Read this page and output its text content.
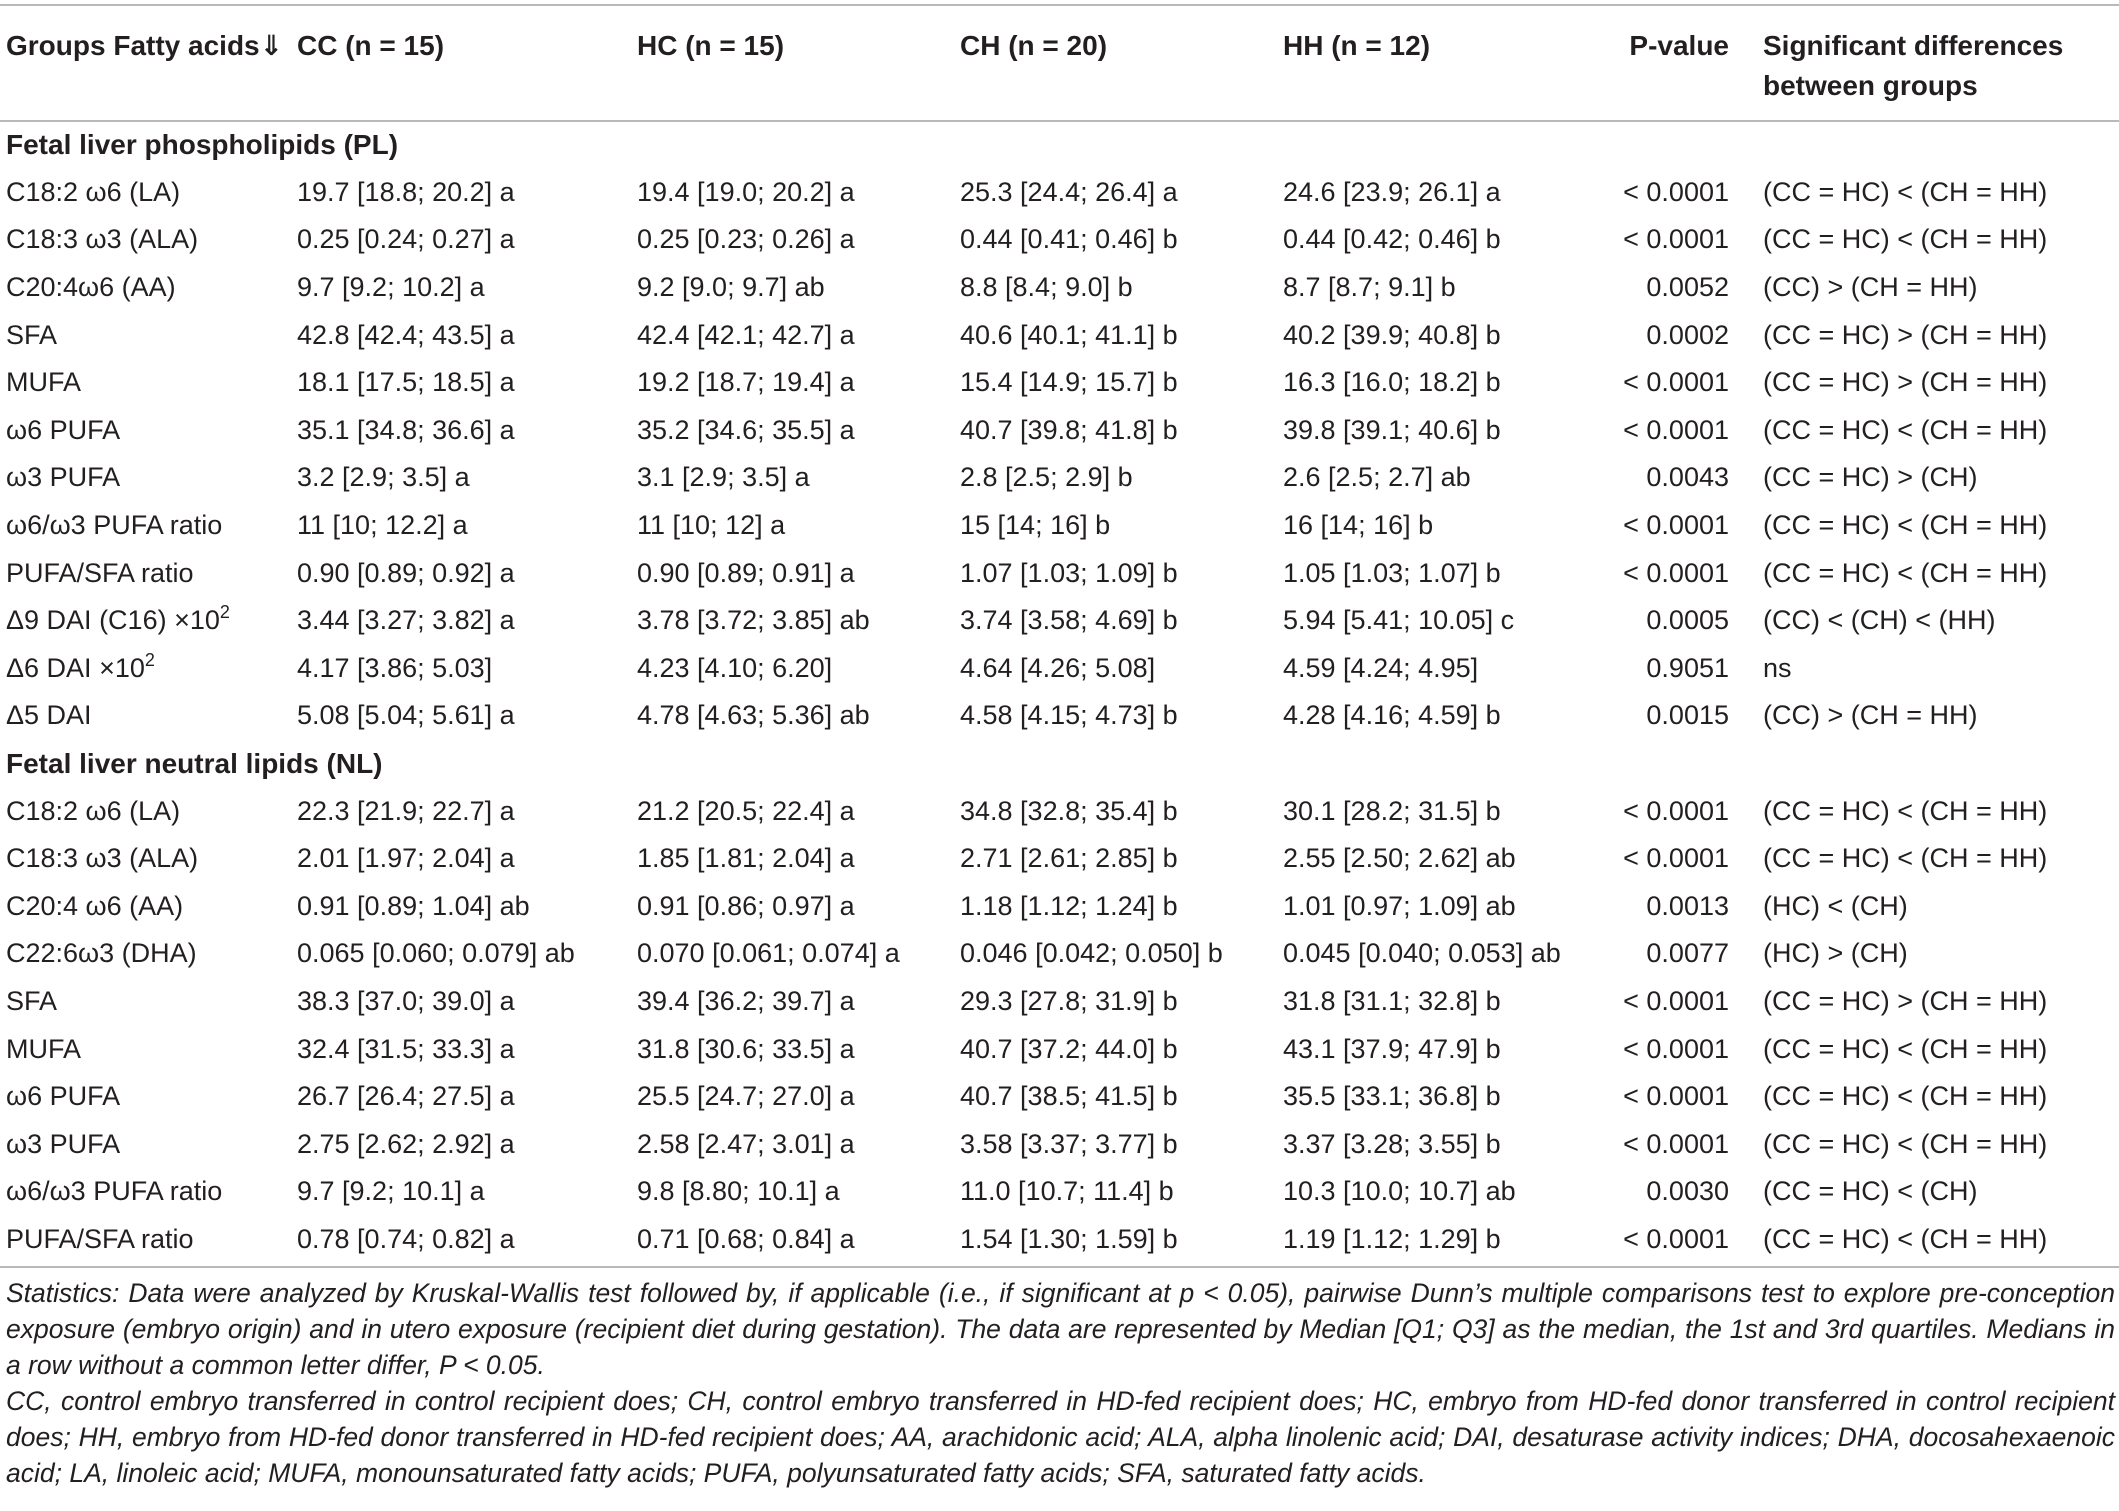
Groups Fatty acids⇓	CC (n = 15)	HC (n = 15)	CH (n = 20)	HH (n = 12)	P-value	Significant differences between groups
Fetal liver phospholipids (PL)						
C18:2 ω6 (LA)	19.7 [18.8; 20.2] a	19.4 [19.0; 20.2] a	25.3 [24.4; 26.4] a	24.6 [23.9; 26.1] a	< 0.0001	(CC = HC) < (CH = HH)
C18:3 ω3 (ALA)	0.25 [0.24; 0.27] a	0.25 [0.23; 0.26] a	0.44 [0.41; 0.46] b	0.44 [0.42; 0.46] b	< 0.0001	(CC = HC) < (CH = HH)
C20:4ω6 (AA)	9.7 [9.2; 10.2] a	9.2 [9.0; 9.7] ab	8.8 [8.4; 9.0] b	8.7 [8.7; 9.1] b	0.0052	(CC) > (CH = HH)
SFA	42.8 [42.4; 43.5] a	42.4 [42.1; 42.7] a	40.6 [40.1; 41.1] b	40.2 [39.9; 40.8] b	0.0002	(CC = HC) > (CH = HH)
MUFA	18.1 [17.5; 18.5] a	19.2 [18.7; 19.4] a	15.4 [14.9; 15.7] b	16.3 [16.0; 18.2] b	< 0.0001	(CC = HC) > (CH = HH)
ω6 PUFA	35.1 [34.8; 36.6] a	35.2 [34.6; 35.5] a	40.7 [39.8; 41.8] b	39.8 [39.1; 40.6] b	< 0.0001	(CC = HC) < (CH = HH)
ω3 PUFA	3.2 [2.9; 3.5] a	3.1 [2.9; 3.5] a	2.8 [2.5; 2.9] b	2.6 [2.5; 2.7] ab	0.0043	(CC = HC) > (CH)
ω6/ω3 PUFA ratio	11 [10; 12.2] a	11 [10; 12] a	15 [14; 16] b	16 [14; 16] b	< 0.0001	(CC = HC) < (CH = HH)
PUFA/SFA ratio	0.90 [0.89; 0.92] a	0.90 [0.89; 0.91] a	1.07 [1.03; 1.09] b	1.05 [1.03; 1.07] b	< 0.0001	(CC = HC) < (CH = HH)
Δ9 DAI $(C16) \times 10^2$	3.44 [3.27; 3.82] a	3.78 [3.72; 3.85] ab	3.74 [3.58; 4.69] b	5.94 [5.41; 10.05] c	0.0005	(CC) < (CH) < (HH)
Δ6 DAI $\times 10^2$	4.17 [3.86; 5.03]	4.23 [4.10; 6.20]	4.64 [4.26; 5.08]	4.59 [4.24; 4.95]	0.9051	ns
Δ5 DAI	5.08 [5.04; 5.61] a	4.78 [4.63; 5.36] ab	4.58 [4.15; 4.73] b	4.28 [4.16; 4.59] b	0.0015	(CC) > (CH = HH)
Fetal liver neutral lipids (NL)						
C18:2 ω6 (LA)	22.3 [21.9; 22.7] a	21.2 [20.5; 22.4] a	34.8 [32.8; 35.4] b	30.1 [28.2; 31.5] b	< 0.0001	(CC = HC) < (CH = HH)
C18:3 ω3 (ALA)	2.01 [1.97; 2.04] a	1.85 [1.81; 2.04] a	2.71 [2.61; 2.85] b	2.55 [2.50; 2.62] ab	< 0.0001	(CC = HC) < (CH = HH)
C20:4 ω6 (AA)	0.91 [0.89; 1.04] ab	0.91 [0.86; 0.97] a	1.18 [1.12; 1.24] b	1.01 [0.97; 1.09] ab	0.0013	(HC) < (CH)
C22:6ω3 (DHA)	0.065 [0.060; 0.079] ab	0.070 [0.061; 0.074] a	0.046 [0.042; 0.050] b	0.045 [0.040; 0.053] ab	0.0077	(HC) > (CH)
SFA	38.3 [37.0; 39.0] a	39.4 [36.2; 39.7] a	29.3 [27.8; 31.9] b	31.8 [31.1; 32.8] b	< 0.0001	(CC = HC) > (CH = HH)
MUFA	32.4 [31.5; 33.3] a	31.8 [30.6; 33.5] a	40.7 [37.2; 44.0] b	43.1 [37.9; 47.9] b	< 0.0001	(CC = HC) < (CH = HH)
ω6 PUFA	26.7 [26.4; 27.5] a	25.5 [24.7; 27.0] a	40.7 [38.5; 41.5] b	35.5 [33.1; 36.8] b	< 0.0001	(CC = HC) < (CH = HH)
ω3 PUFA	2.75 [2.62; 2.92] a	2.58 [2.47; 3.01] a	3.58 [3.37; 3.77] b	3.37 [3.28; 3.55] b	< 0.0001	(CC = HC) < (CH = HH)
ω6/ω3 PUFA ratio	9.7 [9.2; 10.1] a	9.8 [8.80; 10.1] a	11.0 [10.7; 11.4] b	10.3 [10.0; 10.7] ab	0.0030	(CC = HC) < (CH)
PUFA/SFA ratio	0.78 [0.74; 0.82] a	0.71 [0.68; 0.84] a	1.54 [1.30; 1.59] b	1.19 [1.12; 1.29] b	< 0.0001	(CC = HC) < (CH = HH)

Statistics: Data were analyzed by Kruskal-Wallis test followed by, if applicable (i.e., if significant at p < 0.05), pairwise Dunn’s multiple comparisons test to explore pre-conception exposure (embryo origin) and in utero exposure (recipient diet during gestation). The data are represented by Median [Q1; Q3] as the median, the 1st and 3rd quartiles. Medians in a row without a common letter differ, P < 0.05.

CC, control embryo transferred in control recipient does; CH, control embryo transferred in HD-fed recipient does; HC, embryo from HD-fed donor transferred in control recipient does; HH, embryo from HD-fed donor transferred in HD-fed recipient does; AA, arachidonic acid; ALA, alpha linolenic acid; DAI, desaturase activity indices; DHA, docosahexaenoic acid; LA, linoleic acid; MUFA, monounsaturated fatty acids; PUFA, polyunsaturated fatty acids; SFA, saturated fatty acids.
